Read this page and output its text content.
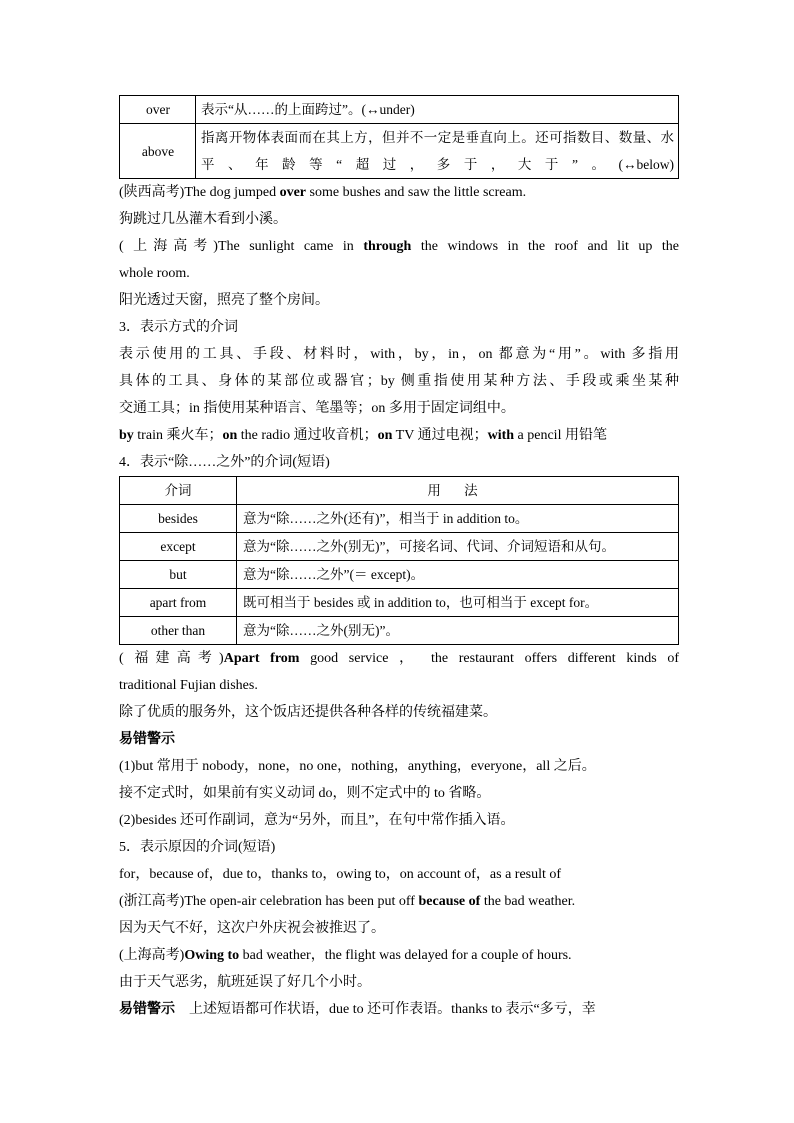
over	表示“从……的上面跨过”。(↔under)
above	指离开物体表面而在其上方，但并不一定是垂直向上。还可指数目、数量、水平、年龄等“超过，多于，大于”。(↔below)

(陕西高考)The dog jumped over some bushes and saw the little scream.

狗跳过几丛灌木看到小溪。

( 上海高考)The sunlight came in through the windows in the roof and lit up the

whole room.

阳光透过天窗，照亮了整个房间。

3．表示方式的介词

表示使用的工具、手段、材料时，with，by，in，on 都意为“用”。with 多指用

具体的工具、身体的某部位或器官；by 侧重指使用某种方法、手段或乘坐某种

交通工具；in 指使用某种语言、笔墨等；on 多用于固定词组中。

by train 乘火车；on the radio 通过收音机；on TV 通过电视；with a pencil 用铅笔

4．表示“除……之外”的介词(短语)

介词	用 法
besides	意为“除……之外(还有)”，相当于 in addition to。
except	意为“除……之外(别无)”，可接名词、代词、介词短语和从句。
but	意为“除……之外”(＝ except)。
apart from	既可相当于 besides 或 in addition to，也可相当于 except for。
other than	意为“除……之外(别无)”。

( 福建高考)Apart from good service ， the restaurant offers different kinds of

traditional Fujian dishes.

除了优质的服务外，这个饭店还提供各种各样的传统福建菜。

易错警示

(1)but 常用于 nobody，none，no one，nothing，anything，everyone，all 之后。

接不定式时，如果前有实义动词 do，则不定式中的 to 省略。

(2)besides 还可作副词，意为“另外，而且”，在句中常作插入语。

5．表示原因的介词(短语)

for，because of，due to，thanks to，owing to，on account of，as a result of

(浙江高考)The open-air celebration has been put off because of the bad weather.

因为天气不好，这次户外庆祝会被推迟了。

(上海高考)Owing to bad weather，the flight was delayed for a couple of hours.

由于天气恶劣，航班延误了好几个小时。

易错警示　上述短语都可作状语，due to 还可作表语。thanks to 表示“多亏，幸
